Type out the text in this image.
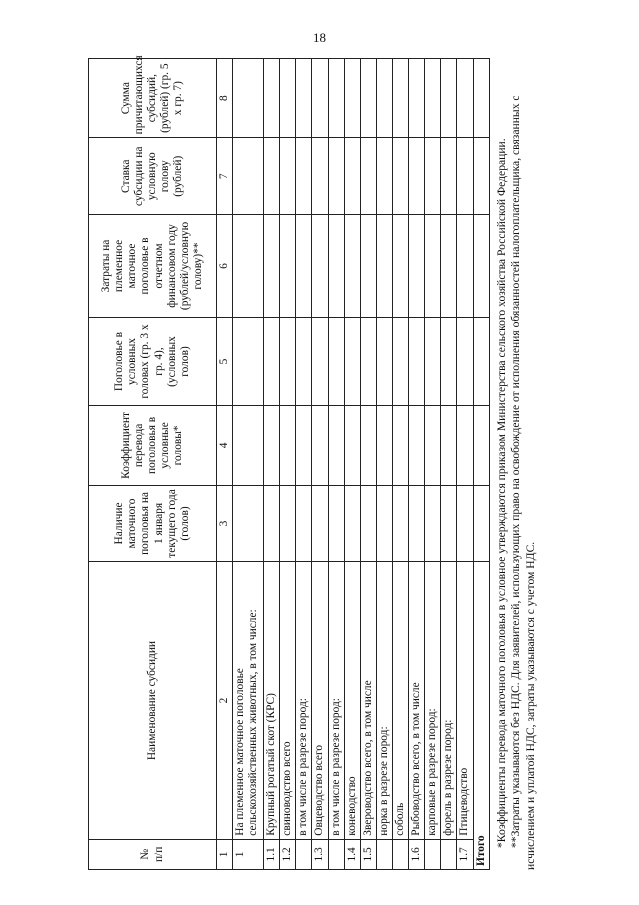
18
№
п/п	Наименование субсидии	Наличие маточного поголовья на 1 января текущего года (голов)	Коэффициент перевода поголовья в условные головы*	Поголовье в условных головах (гр. 3 х гр. 4), (условных голов)	Затраты на племенное маточное поголовье в отчетном финансовом году (рублей/условную голову)**	Ставка субсидии на условную голову (рублей)	Сумма причитающихся субсидий, (рублей) (гр. 5 х гр. 7)
1	2	3	4	5	6	7	8
1	На племенное маточное поголовье сельскохозяйственных животных, в том числе:						
1.1	Крупный рогатый скот (КРС)						
1.2	свиноводство всего						
	в том числе в разрезе пород:						
1.3	Овцеводство всего						
	в том числе в разрезе пород:						
1.4	коневодство						
1.5	Звероводство всего, в том числе						
	норка в разрезе пород:						
	соболь						
1.6	Рыбоводство всего, в том числе						
	карповые в разрезе пород:						
	форель в разрезе пород:						
1.7	Птицеводство						
Итого							

*Коэффициенты перевода маточного поголовья в условное утверждаются приказом Министерства сельского хозяйства Российской Федерации. **Затраты указываются без НДС. Для заявителей, использующих право на освобождение от исполнения обязанностей налогоплательщика, связанных с исчислением и уплатой НДС, затраты указываются с учетом НДС.
